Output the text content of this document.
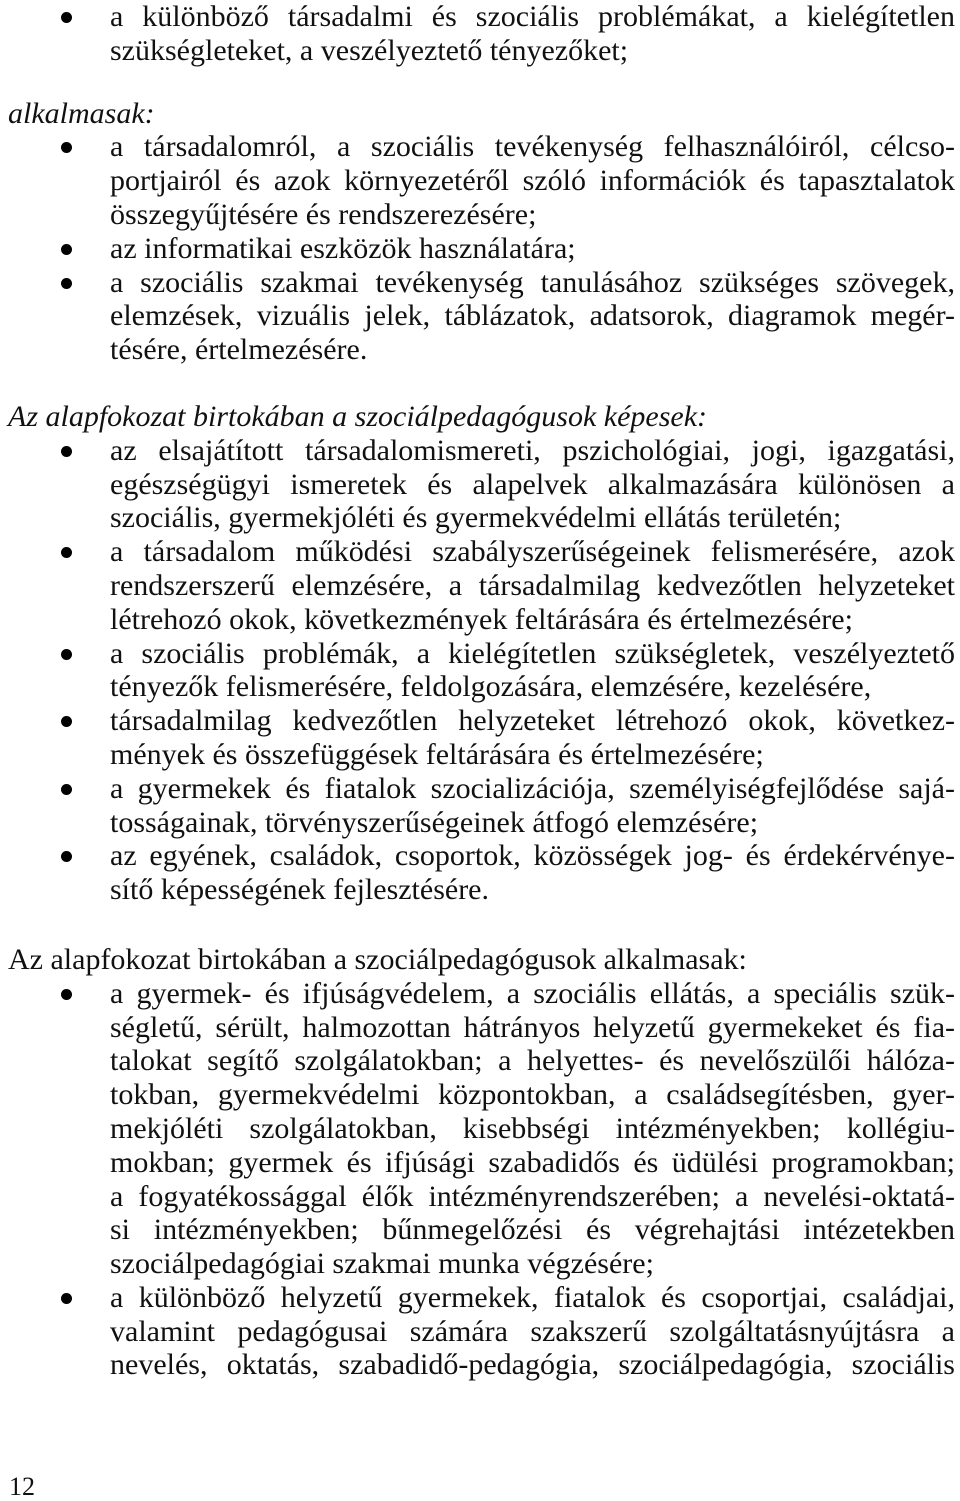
a különböző társadalmi és szociális problémákat, a kielégítetlen
szükségleteket, a veszélyeztető tényezőket;
alkalmasak:
a társadalomról, a szociális tevékenység felhasználóiról, célcso-
portjairól és azok környezetéről szóló információk és tapasztalatok
összegyűjtésére és rendszerezésére;
az informatikai eszközök használatára;
a szociális szakmai tevékenység tanulásához szükséges szövegek,
elemzések, vizuális jelek, táblázatok, adatsorok, diagramok megér-
tésére, értelmezésére.
Az alapfokozat birtokában a szociálpedagógusok képesek:
az elsajátított társadalomismereti, pszichológiai, jogi, igazgatási,
egészségügyi ismeretek és alapelvek alkalmazására különösen a
szociális, gyermekjóléti és gyermekvédelmi ellátás területén;
a társadalom működési szabályszerűségeinek felismerésére, azok
rendszerszerű elemzésére, a társadalmilag kedvezőtlen helyzeteket
létrehozó okok, következmények feltárására és értelmezésére;
a szociális problémák, a kielégítetlen szükségletek, veszélyeztető
tényezők felismerésére, feldolgozására, elemzésére, kezelésére,
társadalmilag kedvezőtlen helyzeteket létrehozó okok, következ-
mények és összefüggések feltárására és értelmezésére;
a gyermekek és fiatalok szocializációja, személyiségfejlődése sajá-
tosságainak, törvényszerűségeinek átfogó elemzésére;
az egyének, családok, csoportok, közösségek jog- és érdekérvénye-
sítő képességének fejlesztésére.
Az alapfokozat birtokában a szociálpedagógusok alkalmasak:
a gyermek- és ifjúságvédelem, a szociális ellátás, a speciális szük-
ségletű, sérült, halmozottan hátrányos helyzetű gyermekeket és fia-
talokat segítő szolgálatokban; a helyettes- és nevelőszülői hálóza-
tokban, gyermekvédelmi központokban, a családsegítésben, gyer-
mekjóléti szolgálatokban, kisebbségi intézményekben; kollégiu-
mokban; gyermek és ifjúsági szabadidős és üdülési programokban;
a fogyatékossággal élők intézményrendszerében; a nevelési-oktatá-
si intézményekben; bűnmegelőzési és végrehajtási intézetekben
szociálpedagógiai szakmai munka végzésére;
a különböző helyzetű gyermekek, fiatalok és csoportjai, családjai,
valamint pedagógusai számára szakszerű szolgáltatásnyújtásra a
nevelés, oktatás, szabadidő-pedagógia, szociálpedagógia, szociális
12
